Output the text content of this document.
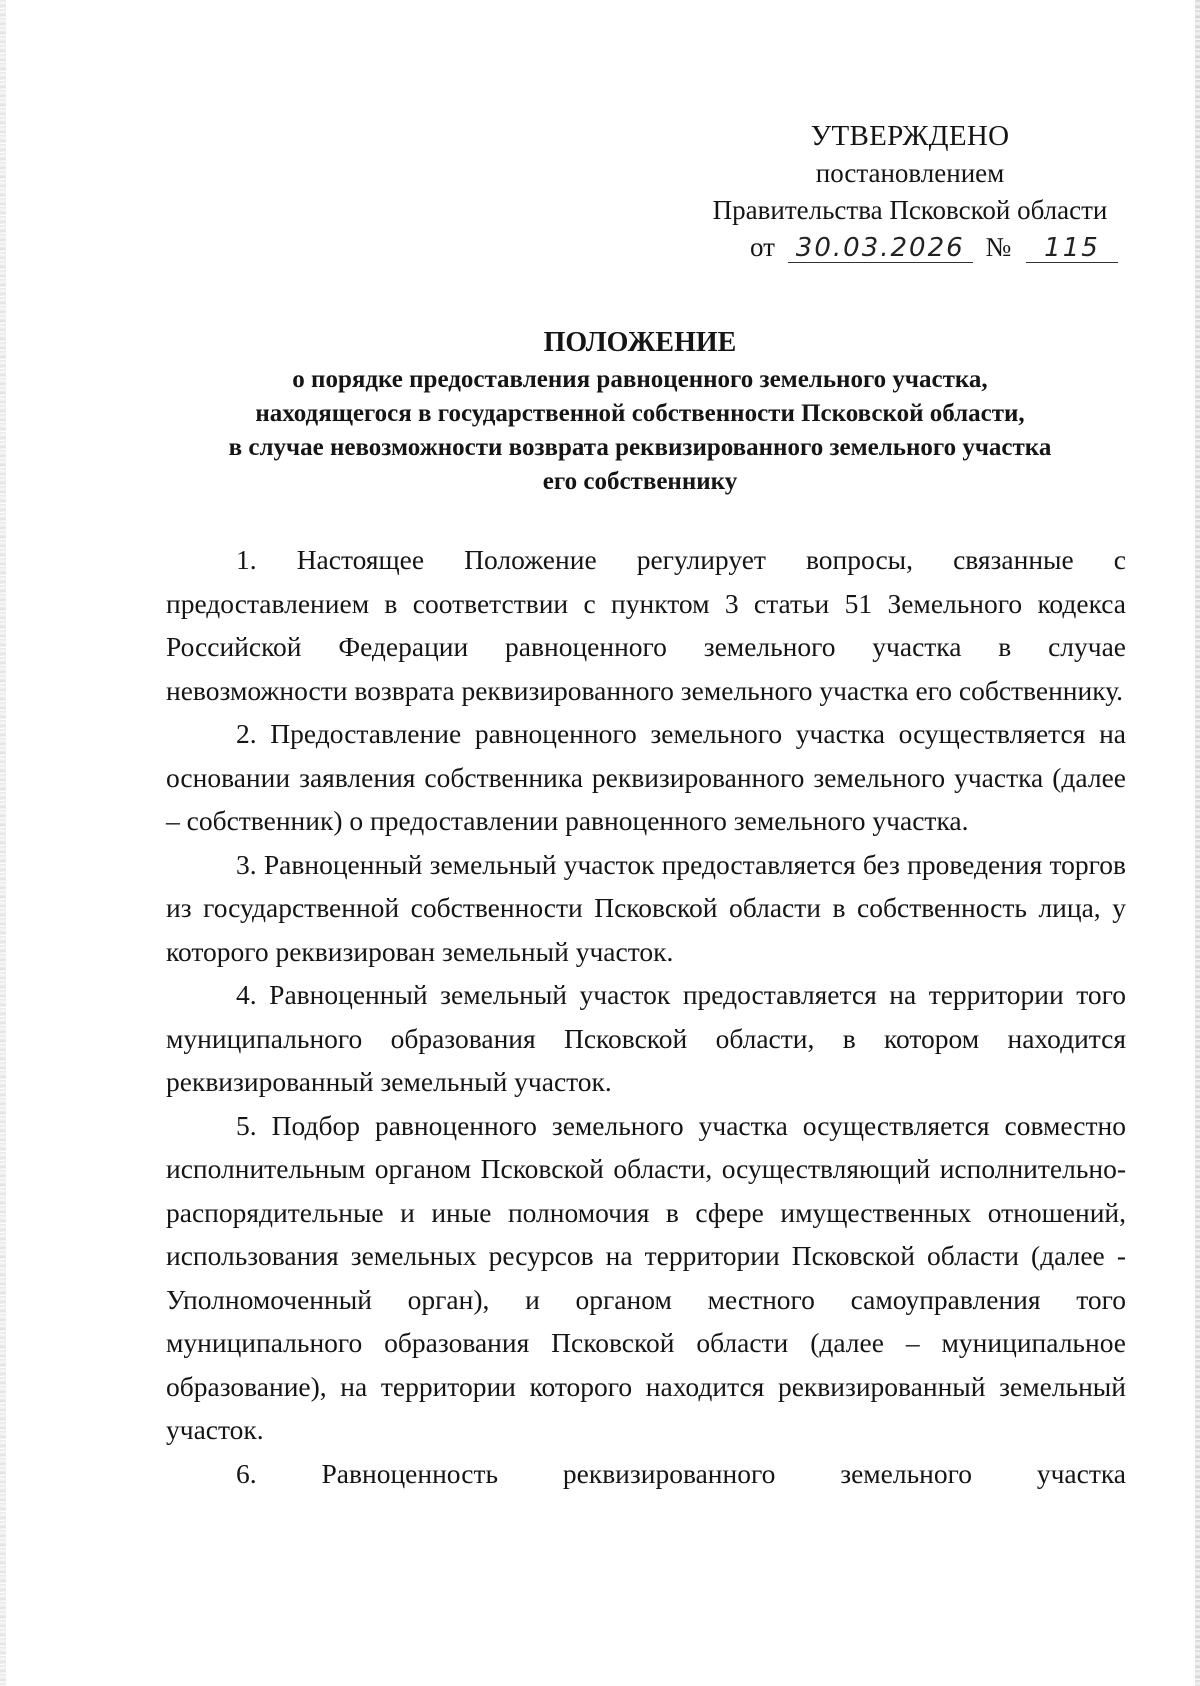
УТВЕРЖДЕНО
постановлением
Правительства Псковской области
от 30.03.2026 № 115
ПОЛОЖЕНИЕ
о порядке предоставления равноценного земельного участка,
находящегося в государственной собственности Псковской области,
в случае невозможности возврата реквизированного земельного участка
его собственнику

1. Настоящее Положение регулирует вопросы, связанные с предоставлением в соответствии с пунктом 3 статьи 51 Земельного кодекса Российской Федерации равноценного земельного участка в случае невозможности возврата реквизированного земельного участка его собственнику.

2. Предоставление равноценного земельного участка осуществляется на основании заявления собственника реквизированного земельного участка (далее – собственник) о предоставлении равноценного земельного участка.

3. Равноценный земельный участок предоставляется без проведения торгов из государственной собственности Псковской области в собственность лица, у которого реквизирован земельный участок.

4. Равноценный земельный участок предоставляется на территории того муниципального образования Псковской области, в котором находится реквизированный земельный участок.

5. Подбор равноценного земельного участка осуществляется совместно исполнительным органом Псковской области, осуществляющий исполнительно-распорядительные и иные полномочия в сфере имущественных отношений, использования земельных ресурсов на территории Псковской области (далее - Уполномоченный орган), и органом местного самоуправления того муниципального образования Псковской области (далее – муниципальное образование), на территории которого находится реквизированный земельный участок.

6. Равноценность реквизированного земельного участка
